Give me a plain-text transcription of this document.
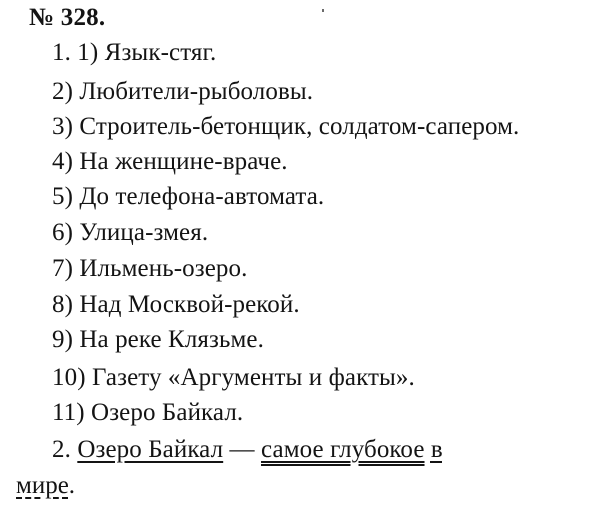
№ 328.
1. 1) Язык-стяг.
2) Любители-рыболовы.
3) Строитель-бетонщик, солдатом-сапером.
4) На женщине-враче.
5) До телефона-автомата.
6) Улица-змея.
7) Ильмень-озеро.
8) Над Москвой-рекой.
9) На реке Клязьме.
10) Газету «Аргументы и факты».
11) Озеро Байкал.
2. Озеро Байкал — самое глубокое в
мире.
